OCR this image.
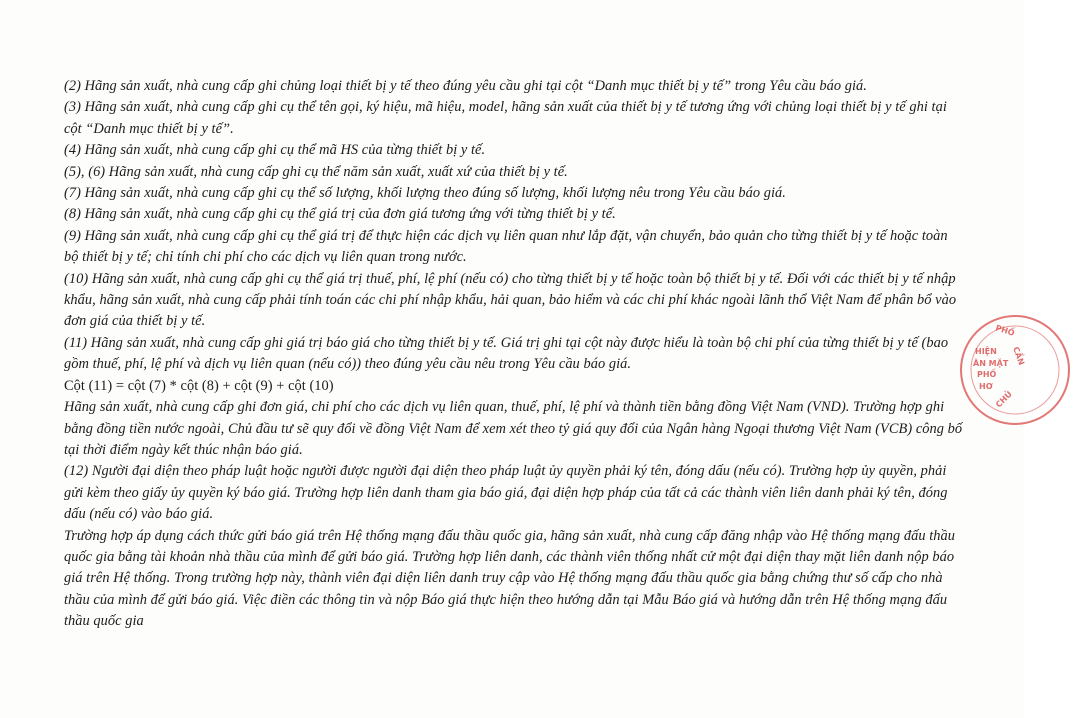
(2) Hãng sản xuất, nhà cung cấp ghi chủng loại thiết bị y tế theo đúng yêu cầu ghi tại cột “Danh mục thiết bị y tế” trong Yêu cầu báo giá.

(3) Hãng sản xuất, nhà cung cấp ghi cụ thể tên gọi, ký hiệu, mã hiệu, model, hãng sản xuất của thiết bị y tế tương ứng với chủng loại thiết bị y tế ghi tại cột “Danh mục thiết bị y tế”.

(4) Hãng sản xuất, nhà cung cấp ghi cụ thể mã HS của từng thiết bị y tế.

(5), (6) Hãng sản xuất, nhà cung cấp ghi cụ thể năm sản xuất, xuất xứ của thiết bị y tế.

(7) Hãng sản xuất, nhà cung cấp ghi cụ thể số lượng, khối lượng theo đúng số lượng, khối lượng nêu trong Yêu cầu báo giá.

(8) Hãng sản xuất, nhà cung cấp ghi cụ thể giá trị của đơn giá tương ứng với từng thiết bị y tế.

(9) Hãng sản xuất, nhà cung cấp ghi cụ thể giá trị để thực hiện các dịch vụ liên quan như lắp đặt, vận chuyển, bảo quản cho từng thiết bị y tế hoặc toàn bộ thiết bị y tế; chỉ tính chi phí cho các dịch vụ liên quan trong nước.

(10) Hãng sản xuất, nhà cung cấp ghi cụ thể giá trị thuế, phí, lệ phí (nếu có) cho từng thiết bị y tế hoặc toàn bộ thiết bị y tế. Đối với các thiết bị y tế nhập khẩu, hãng sản xuất, nhà cung cấp phải tính toán các chi phí nhập khẩu, hải quan, bảo hiểm và các chi phí khác ngoài lãnh thổ Việt Nam để phân bổ vào đơn giá của thiết bị y tế.

(11) Hãng sản xuất, nhà cung cấp ghi giá trị báo giá cho từng thiết bị y tế. Giá trị ghi tại cột này được hiểu là toàn bộ chi phí của từng thiết bị y tế (bao gồm thuế, phí, lệ phí và dịch vụ liên quan (nếu có)) theo đúng yêu cầu nêu trong Yêu cầu báo giá.

Cột (11) = cột (7) * cột (8) + cột (9) + cột (10)

Hãng sản xuất, nhà cung cấp ghi đơn giá, chi phí cho các dịch vụ liên quan, thuế, phí, lệ phí và thành tiền bằng đồng Việt Nam (VND). Trường hợp ghi bằng đồng tiền nước ngoài, Chủ đầu tư sẽ quy đổi về đồng Việt Nam để xem xét theo tỷ giá quy đổi của Ngân hàng Ngoại thương Việt Nam (VCB) công bố tại thời điểm ngày kết thúc nhận báo giá.

(12) Người đại diện theo pháp luật hoặc người được người đại diện theo pháp luật ủy quyền phải ký tên, đóng dấu (nếu có). Trường hợp ủy quyền, phải gửi kèm theo giấy ủy quyền ký báo giá. Trường hợp liên danh tham gia báo giá, đại diện hợp pháp của tất cả các thành viên liên danh phải ký tên, đóng dấu (nếu có) vào báo giá.

Trường hợp áp dụng cách thức gửi báo giá trên Hệ thống mạng đấu thầu quốc gia, hãng sản xuất, nhà cung cấp đăng nhập vào Hệ thống mạng đấu thầu quốc gia bằng tài khoản nhà thầu của mình để gửi báo giá. Trường hợp liên danh, các thành viên thống nhất cử một đại diện thay mặt liên danh nộp báo giá trên Hệ thống. Trong trường hợp này, thành viên đại diện liên danh truy cập vào Hệ thống mạng đấu thầu quốc gia bằng chứng thư số cấp cho nhà thầu của mình để gửi báo giá. Việc điền các thông tin và nộp Báo giá thực hiện theo hướng dẫn tại Mẫu Báo giá và hướng dẫn trên Hệ thống mạng đấu thầu quốc gia

PHỐ
CẦN
HIỆN
ĂN MẶT
PHỐ
HƠ
CHỦ
